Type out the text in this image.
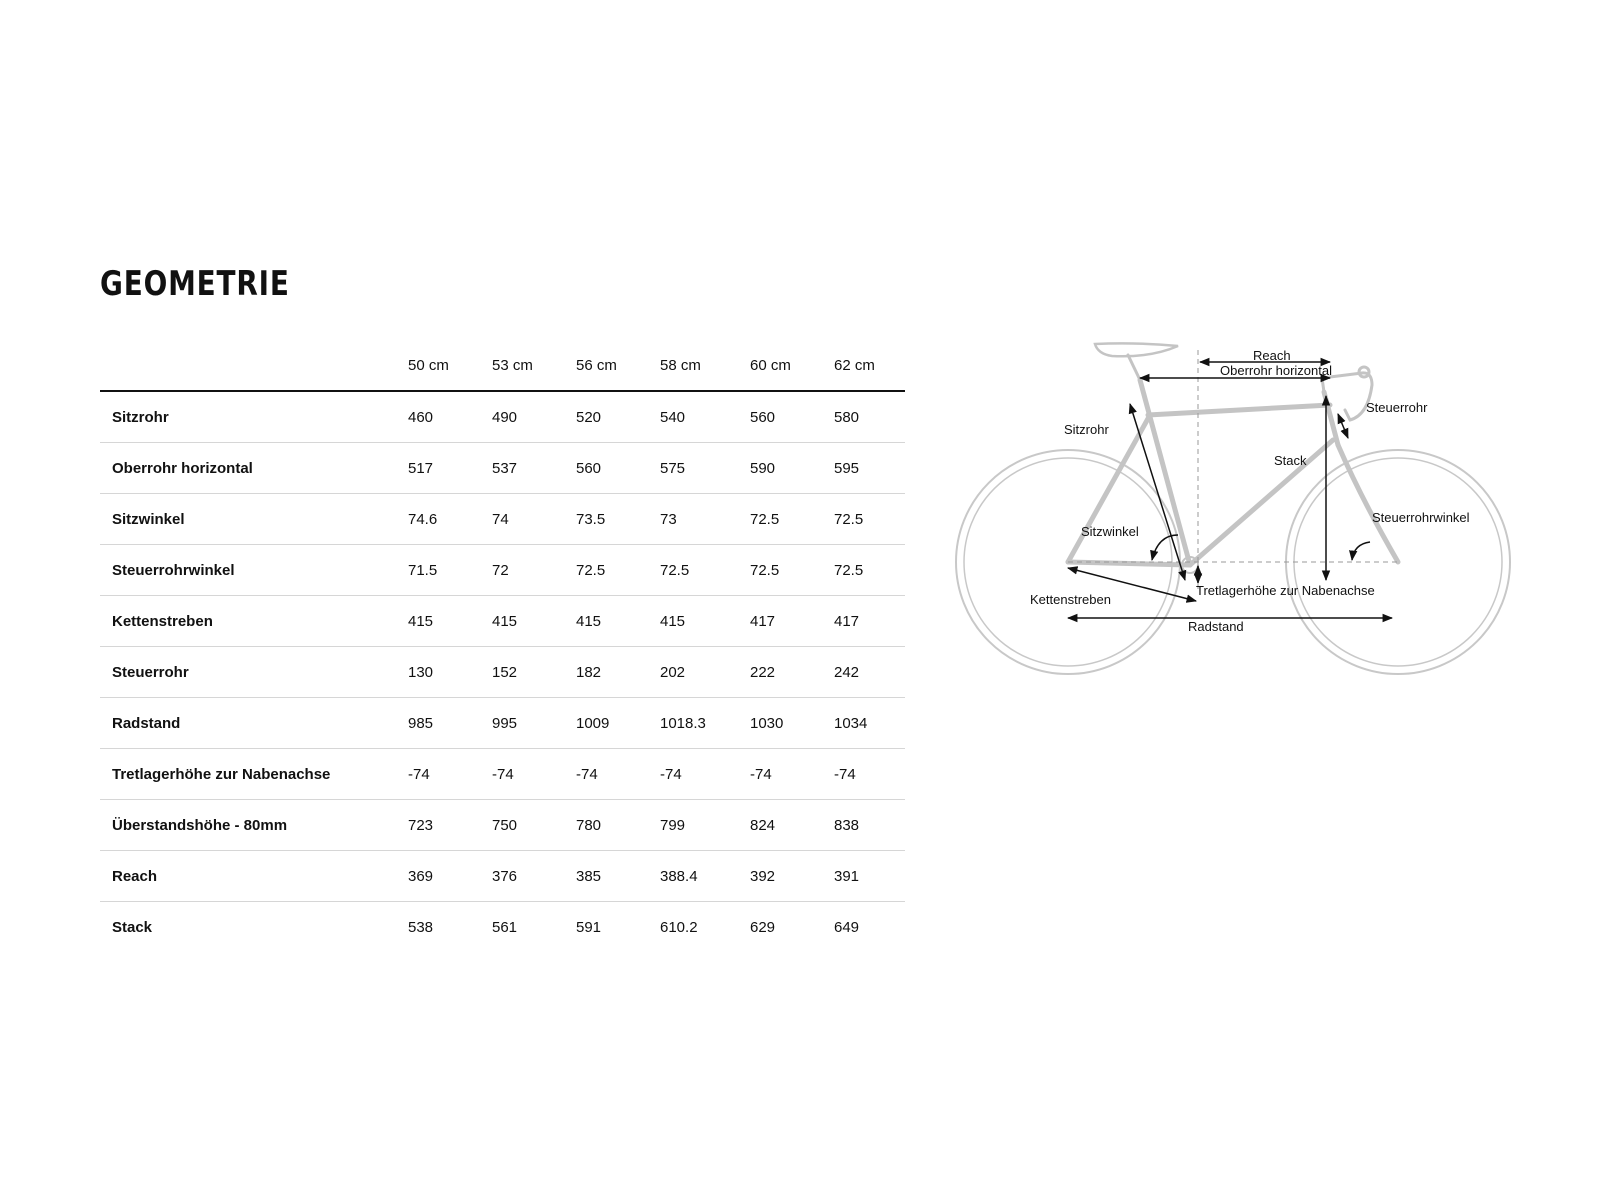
GEOMETRIE
	50 cm	53 cm	56 cm	58 cm	60 cm	62 cm
Sitzrohr	460	490	520	540	560	580
Oberrohr horizontal	517	537	560	575	590	595
Sitzwinkel	74.6	74	73.5	73	72.5	72.5
Steuerrohrwinkel	71.5	72	72.5	72.5	72.5	72.5
Kettenstreben	415	415	415	415	417	417
Steuerrohr	130	152	182	202	222	242
Radstand	985	995	1009	1018.3	1030	1034
Tretlagerhöhe zur Nabenachse	-74	-74	-74	-74	-74	-74
Überstandshöhe - 80mm	723	750	780	799	824	838
Reach	369	376	385	388.4	392	391
Stack	538	561	591	610.2	629	649
Reach
Oberrohr horizontal
Sitzrohr
Steuerrohr
Stack
Sitzwinkel
Steuerrohrwinkel
Tretlagerhöhe zur Nabenachse
Kettenstreben
Radstand
